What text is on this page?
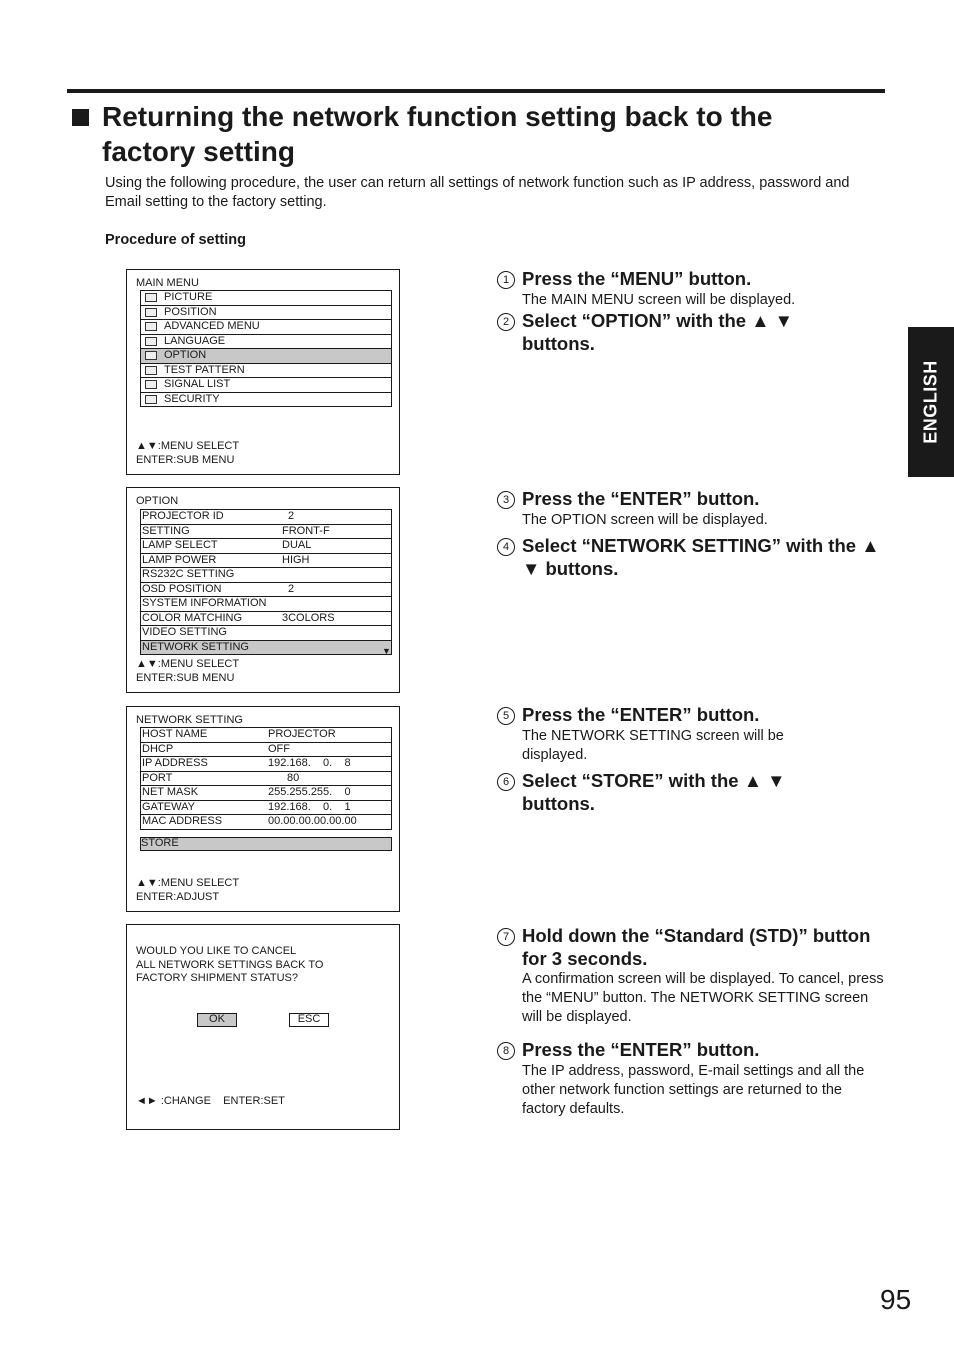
Returning the network function setting back to the factory setting
Using the following procedure, the user can return all settings of network function such as IP address, password and Email setting to the factory setting.
Procedure of setting
ENGLISH
MAIN MENU
PICTURE
POSITION
ADVANCED MENU
LANGUAGE
OPTION
TEST PATTERN
SIGNAL LIST
SECURITY
▲▼:MENU SELECT
ENTER:SUB MENU
OPTION
PROJECTOR ID	2
SETTING	FRONT-F
LAMP SELECT	DUAL
LAMP POWER	HIGH
RS232C SETTING
OSD POSITION	2
SYSTEM INFORMATION
COLOR MATCHING	3COLORS
VIDEO SETTING
NETWORK SETTING	▼
▲▼:MENU SELECT
ENTER:SUB MENU
NETWORK SETTING
HOST NAME	PROJECTOR
DHCP	OFF
IP ADDRESS	192.168.    0.    8
PORT	80
NET MASK	255.255.255.    0
GATEWAY	192.168.    0.    1
MAC ADDRESS	00.00.00.00.00.00
STORE
▲▼:MENU SELECT
ENTER:ADJUST
WOULD YOU LIKE TO CANCEL
ALL NETWORK SETTINGS BACK TO
FACTORY SHIPMENT STATUS?
OK	ESC
◄► :CHANGE    ENTER:SET
1 Press the “MENU” button.
The MAIN MENU screen will be displayed.
2 Select “OPTION” with the ▲ ▼ buttons.
3 Press the “ENTER” button.
The OPTION screen will be displayed.
4 Select “NETWORK SETTING” with the ▲ ▼ buttons.
5 Press the “ENTER” button.
The NETWORK SETTING screen will be displayed.
6 Select “STORE” with the ▲ ▼ buttons.
7 Hold down the “Standard (STD)” button for 3 seconds.
A confirmation screen will be displayed. To cancel, press the “MENU” button. The NETWORK SETTING screen will be displayed.
8 Press the “ENTER” button.
The IP address, password, E-mail settings and all the other network function settings are returned to the factory defaults.
95
